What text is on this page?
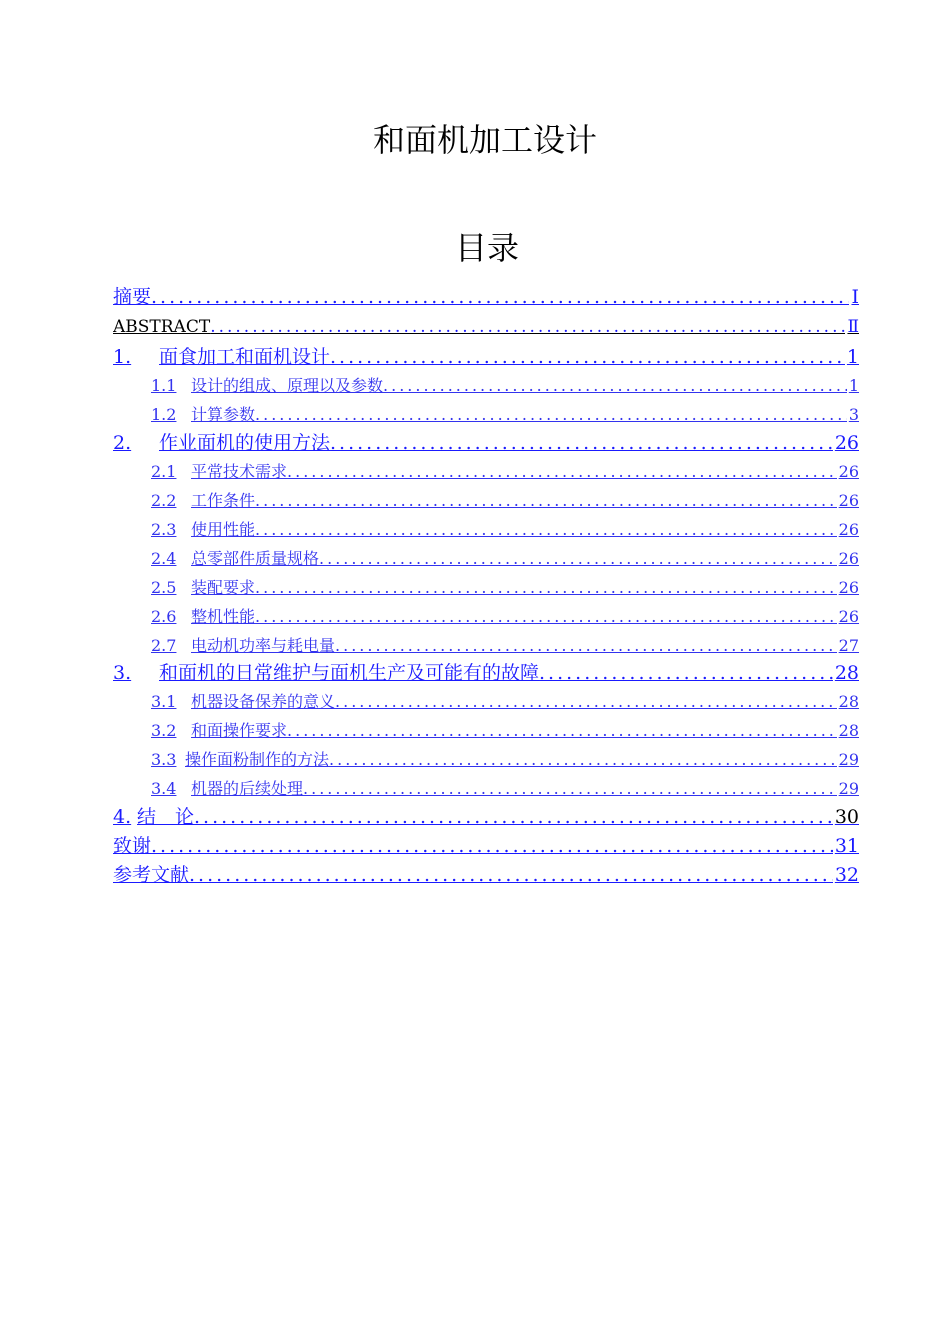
和面机加工设计
目录
摘要 .....	Ⅰ
ABSTRACT .....	Ⅱ
1.	面食加工和面机设计 .....	1
1.1 设计的组成、原理以及参数 .....	1
1.2 计算参数 .....	3
2.	作业面机的使用方法 .....	26
2.1 平常技术需求 .....	26
2.2 工作条件 .....	26
2.3 使用性能 .....	26
2.4 总零部件质量规格 .....	26
2.5 装配要求 .....	26
2.6 整机性能 .....	26
2.7 电动机功率与耗电量 .....	27
3.	和面机的日常维护与面机生产及可能有的故障 .....	28
3.1 机器设备保养的意义 .....	28
3.2 和面操作要求 .....	28
3.3 操作面粉制作的方法 .....	29
3.4 机器的后续处理 .....	29
4. 结　论 .....	30
致谢 .....	31
参考文献 .....	32
